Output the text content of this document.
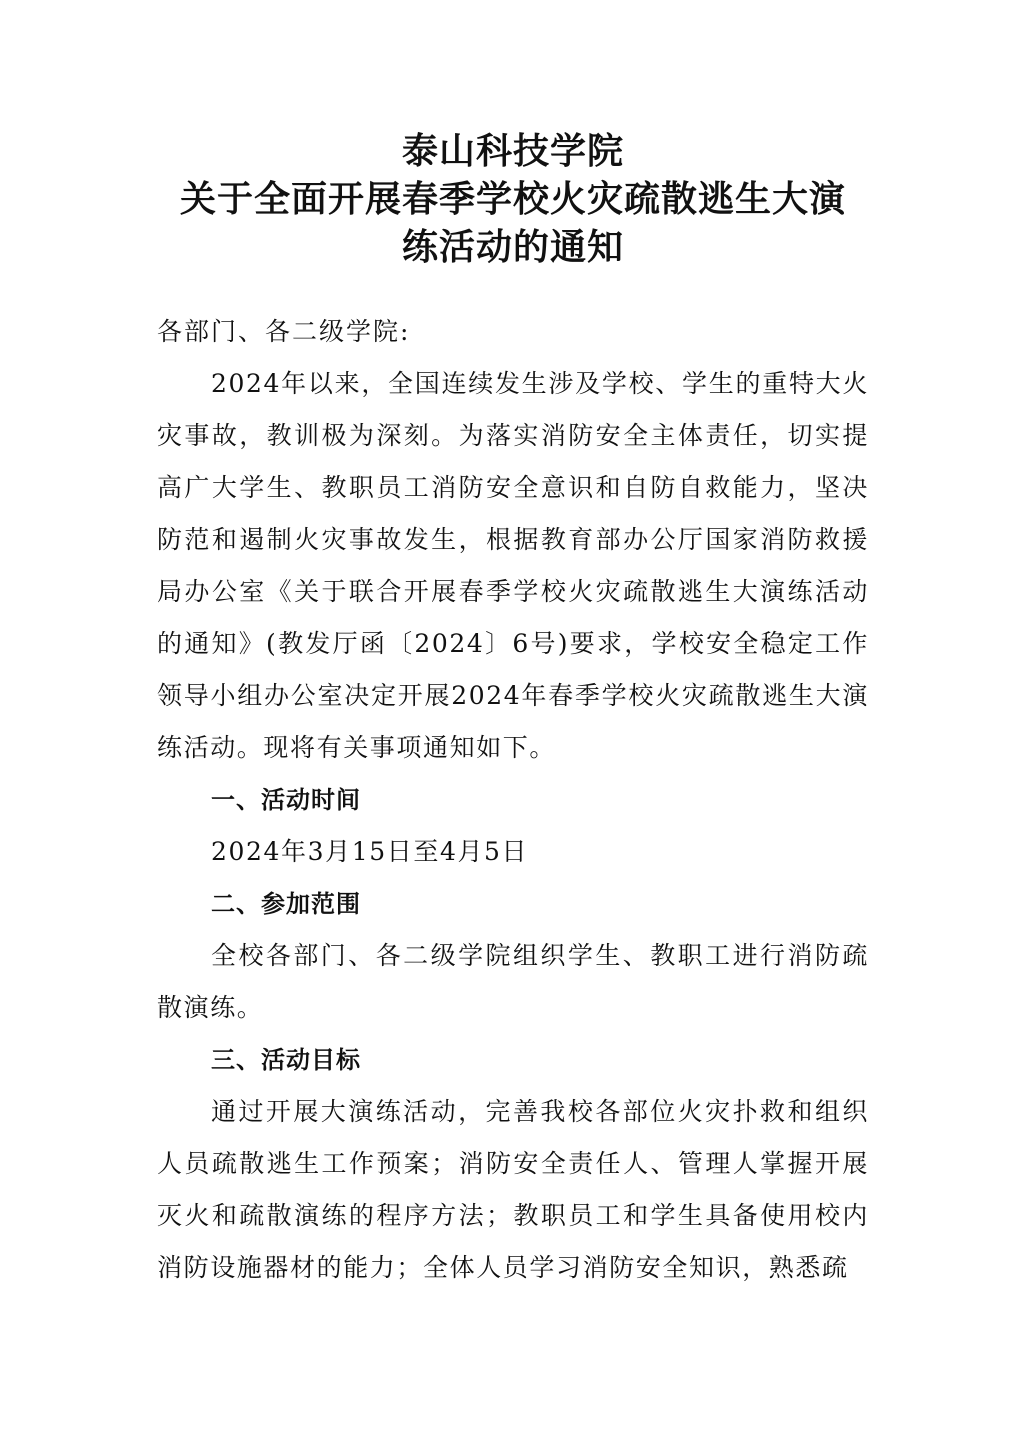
泰山科技学院
关于全面开展春季学校火灾疏散逃生大演
练活动的通知
各部门、各二级学院:

2024年以来，全国连续发生涉及学校、学生的重特大火灾事故，教训极为深刻。为落实消防安全主体责任，切实提高广大学生、教职员工消防安全意识和自防自救能力，坚决防范和遏制火灾事故发生，根据教育部办公厅国家消防救援局办公室《关于联合开展春季学校火灾疏散逃生大演练活动的通知》(教发厅函〔2024〕6号)要求，学校安全稳定工作领导小组办公室决定开展2024年春季学校火灾疏散逃生大演练活动。现将有关事项通知如下。

一、活动时间

2024年3月15日至4月5日

二、参加范围

全校各部门、各二级学院组织学生、教职工进行消防疏散演练。

三、活动目标

通过开展大演练活动，完善我校各部位火灾扑救和组织人员疏散逃生工作预案；消防安全责任人、管理人掌握开展灭火和疏散演练的程序方法；教职员工和学生具备使用校内消防设施器材的能力；全体人员学习消防安全知识，熟悉疏
